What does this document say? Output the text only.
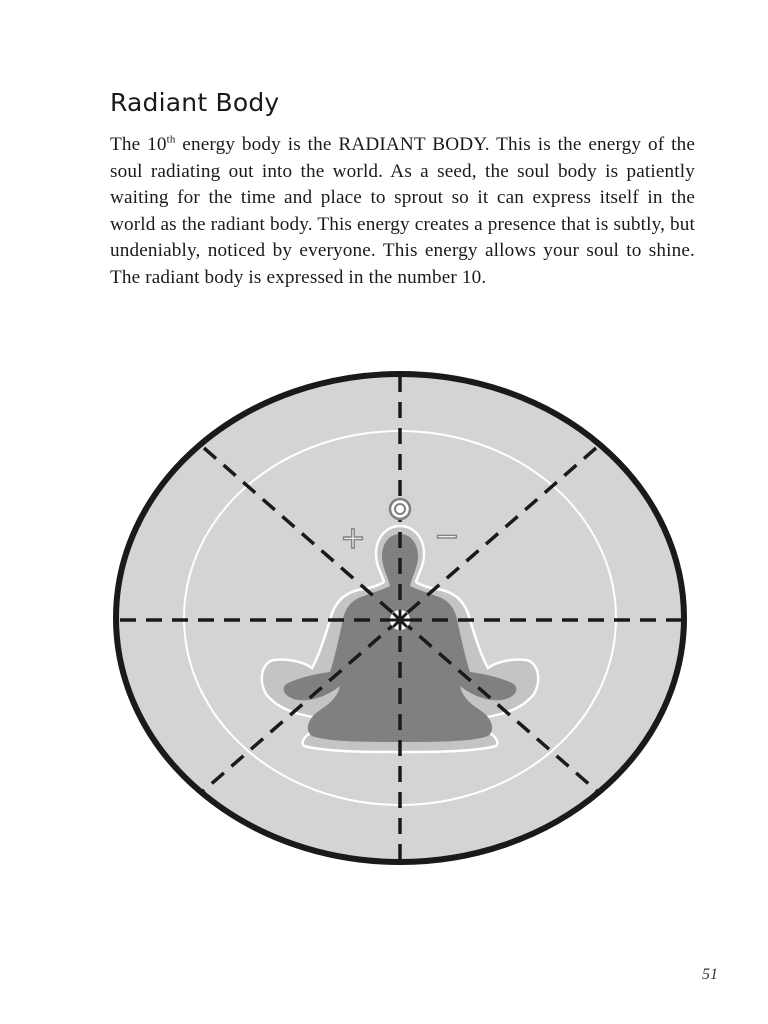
Radiant Body

The 10th energy body is the RADIANT BODY. This is the energy of the soul radiating out into the world. As a seed, the soul body is patiently waiting for the time and place to sprout so it can express itself in the world as the radiant body. This energy creates a presence that is subtly, but undeniably, noticed by everyone. This energy allows your soul to shine. The radiant body is expressed in the number 10.

+ −
51
